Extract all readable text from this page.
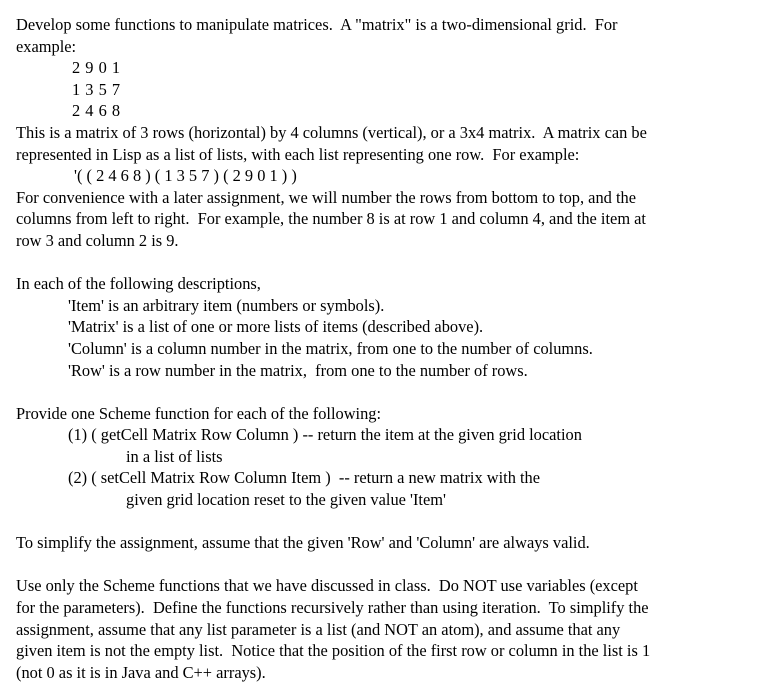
Develop some functions to manipulate matrices.  A "matrix" is a two-dimensional grid.  For
example:
2 9 0 1
1 3 5 7
2 4 6 8
This is a matrix of 3 rows (horizontal) by 4 columns (vertical), or a 3x4 matrix.  A matrix can be
represented in Lisp as a list of lists, with each list representing one row.  For example:
'( ( 2 4 6 8 ) ( 1 3 5 7 ) ( 2 9 0 1 ) )
For convenience with a later assignment, we will number the rows from bottom to top, and the
columns from left to right.  For example, the number 8 is at row 1 and column 4, and the item at
row 3 and column 2 is 9.
In each of the following descriptions,
'Item' is an arbitrary item (numbers or symbols).
'Matrix' is a list of one or more lists of items (described above).
'Column' is a column number in the matrix, from one to the number of columns.
'Row' is a row number in the matrix,  from one to the number of rows.
Provide one Scheme function for each of the following:
(1) ( getCell Matrix Row Column ) -- return the item at the given grid location
in a list of lists
(2) ( setCell Matrix Row Column Item )  -- return a new matrix with the
given grid location reset to the given value 'Item'
To simplify the assignment, assume that the given 'Row' and 'Column' are always valid.
Use only the Scheme functions that we have discussed in class.  Do NOT use variables (except
for the parameters).  Define the functions recursively rather than using iteration.  To simplify the
assignment, assume that any list parameter is a list (and NOT an atom), and assume that any
given item is not the empty list.  Notice that the position of the first row or column in the list is 1
(not 0 as it is in Java and C++ arrays).
